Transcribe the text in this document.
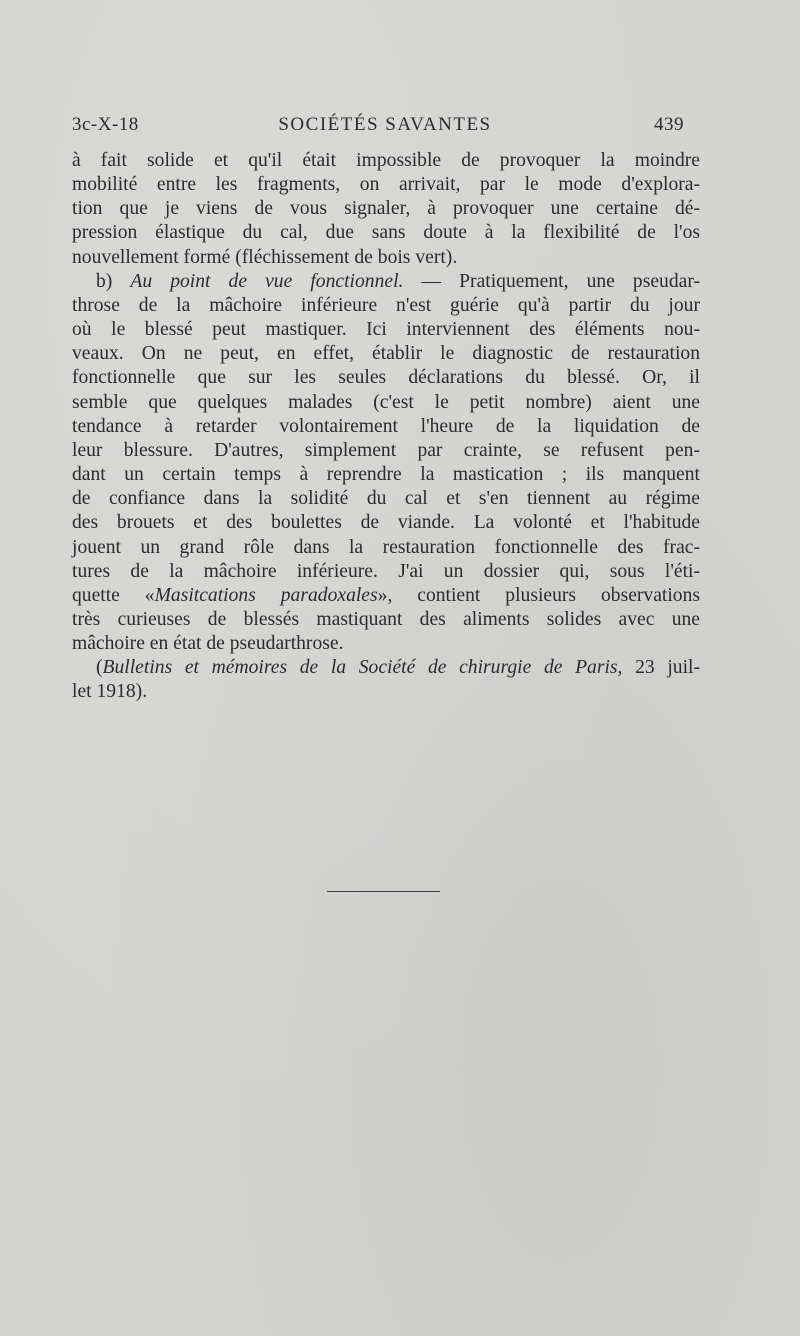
3c-X-18	SOCIÉTÉS SAVANTES	439
à fait solide et qu'il était impossible de provoquer la moindre
mobilité entre les fragments, on arrivait, par le mode d'explora-
tion que je viens de vous signaler, à provoquer une certaine dé-
pression élastique du cal, due sans doute à la flexibilité de l'os
nouvellement formé (fléchissement de bois vert).
b) Au point de vue fonctionnel. — Pratiquement, une pseudar-
throse de la mâchoire inférieure n'est guérie qu'à partir du jour
où le blessé peut mastiquer. Ici interviennent des éléments nou-
veaux. On ne peut, en effet, établir le diagnostic de restauration
fonctionnelle que sur les seules déclarations du blessé. Or, il
semble que quelques malades (c'est le petit nombre) aient une
tendance à retarder volontairement l'heure de la liquidation de
leur blessure. D'autres, simplement par crainte, se refusent pen-
dant un certain temps à reprendre la mastication ; ils manquent
de confiance dans la solidité du cal et s'en tiennent au régime
des brouets et des boulettes de viande. La volonté et l'habitude
jouent un grand rôle dans la restauration fonctionnelle des frac-
tures de la mâchoire inférieure. J'ai un dossier qui, sous l'éti-
quette «Masitcations paradoxales», contient plusieurs observations
très curieuses de blessés mastiquant des aliments solides avec une
mâchoire en état de pseudarthrose.
(Bulletins et mémoires de la Société de chirurgie de Paris, 23 juil-
let 1918).
